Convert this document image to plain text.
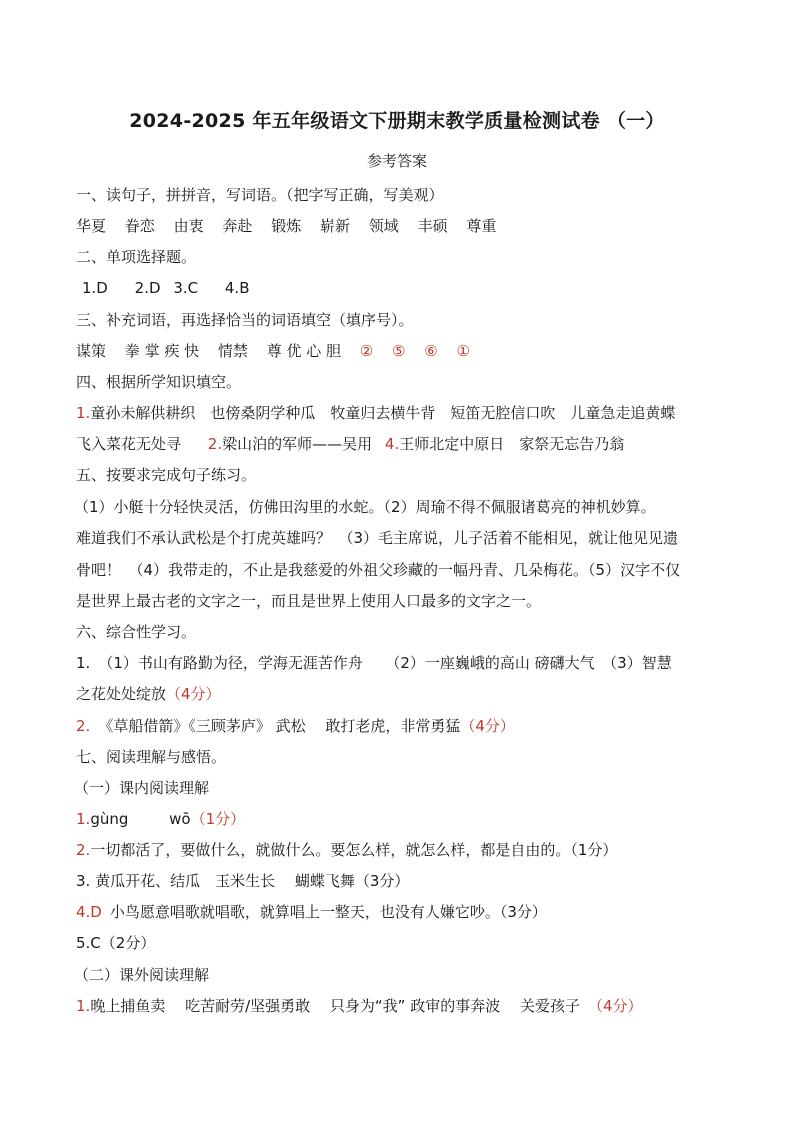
2024-2025 年五年级语文下册期末教学质量检测试卷 （一）
参考答案
一、读句子，拼拼音，写词语。（把字写正确，写美观）
华夏 眷恋 由衷 奔赴 锻炼 崭新 领域 丰硕 尊重
二、单项选择题。
1.D 2.D 3.C 4.B
三、补充词语，再选择恰当的词语填空（填序号）。
谋策 拳 掌 疾 快 情禁 尊 优 心 胆 ② ⑤ ⑥ ①
四、根据所学知识填空。
1.童孙未解供耕织　也傍桑阴学种瓜　牧童归去横牛背　短笛无腔信口吹　儿童急走追黄蝶
飞入菜花无处寻 2.梁山泊的军师——吴用 4.王师北定中原日　家祭无忘告乃翁
五、按要求完成句子练习。
（1）小艇十分轻快灵活，仿佛田沟里的水蛇。（2）周瑜不得不佩服诸葛亮的神机妙算。
难道我们不承认武松是个打虎英雄吗？　（3）毛主席说，儿子活着不能相见，就让他见见遗
骨吧！　（4）我带走的，不止是我慈爱的外祖父珍藏的一幅丹青、几朵梅花。（5）汉字不仅
是世界上最古老的文字之一，而且是世界上使用人口最多的文字之一。
六、综合性学习。
1. （1）书山有路勤为径，学海无涯苦作舟　　（2）一座巍峨的高山 磅礴大气　（3）智慧
之花处处绽放（4分）
2. 《草船借箭》《三顾茅庐》 武松　 敢打老虎，非常勇猛（4分）
七、阅读理解与感悟。
（一）课内阅读理解
1.gùng	wō（1分）
2.一切都活了，要做什么，就做什么。要怎么样，就怎么样，都是自由的。（1分）
3. 黄瓜开花、结瓜　玉米生长　 蝴蝶飞舞（3分）
4.D 小鸟愿意唱歌就唱歌，就算唱上一整天，也没有人嫌它吵。（3分）
5.C（2分）
（二）课外阅读理解
1.晚上捕鱼卖　 吃苦耐劳/坚强勇敢　 只身为“我” 政审的事奔波　 关爱孩子 （4分）
